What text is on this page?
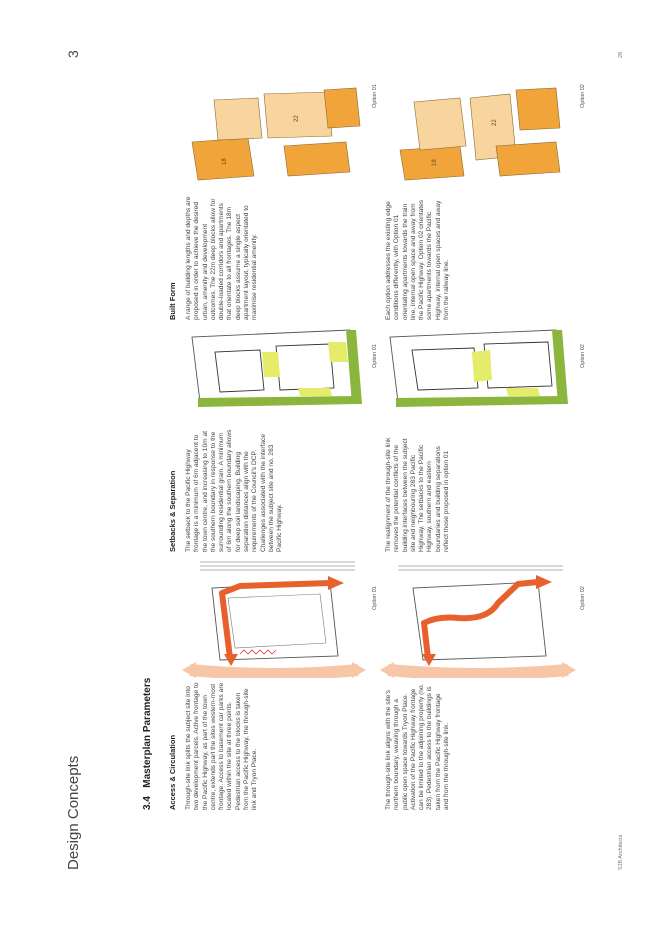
Design Concepts
3
3.4   Masterplan Parameters Access & Circulation
Setbacks & Separation
Built Form
Through-site link splits the subject site into two development parcels. Active frontage to the Pacific Highway, as part of the town centre, extends part the sites western-most frontage. Access to basement car parks are located within the site at three points. Pedestrian access to the blocks is taken from the Pacific Highway, the through-site link and Tryon Place.
The setback to the Pacific Highway frontage is a minimum of 6m adjacent to the town centre, and increasing to 10m at the southern boundary in response to the surrounding residential grain. A minimum of 6m along the southern boundary allows for deep soil landscaping. Building separation distances align with the requirements of the Council's DCP. Challenges associated with the interface between the subject site and no. 283 Pacific Highway.
A range of building lengths and depths are proposed in order to achieve the desired urban, amenity and development outcomes. The 22m deep blocks allow for double-loaded corridors and apartments that orientate to all frontages. The 18m deep blocks assume a single aspect apartment layout, typically orientated to maximise residential amenity.
The through-site link aligns with the site's northern boundary, weaving through a public open space towards Tryon Place. Activation of the Pacific Highway frontage can be limited to the adjoining property (no. 283). Pedestrian access to the buildings is taken from the Pacific Highway frontage and from the through-site link.
The realignment of the through-site link removes the potential conflicts of the building interfaces between the subject site and neighbouring 283 Pacific Highway. The setbacks to the Pacific Highway, southern and eastern boundaries and building separations reflect those proposed in option 01
Each option addresses the existing edge conditions differently, with Option 01 orientating apartments towards the train line, internal open space and away from the Pacific Highway. Option 02 orientates some apartments towards the Pacific Highway, internal open spaces and away from the railway line.
18
22
18
22
Option 01	Option 02
Option 01	Option 02
Option 01	Option 02
SJB Architects
28
